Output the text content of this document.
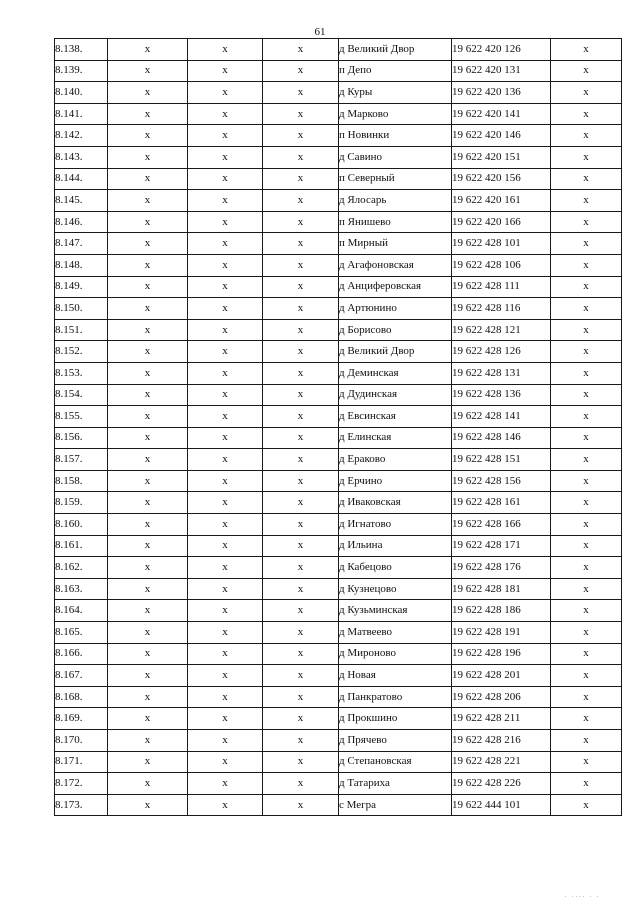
61
8.138.	x	x	x	д Великий Двор	19 622 420 126	x
8.139.	x	x	x	п Депо	19 622 420 131	x
8.140.	x	x	x	д Куры	19 622 420 136	x
8.141.	x	x	x	д Марково	19 622 420 141	x
8.142.	x	x	x	п Новинки	19 622 420 146	x
8.143.	x	x	x	д Савино	19 622 420 151	x
8.144.	x	x	x	п Северный	19 622 420 156	x
8.145.	x	x	x	д Ялосарь	19 622 420 161	x
8.146.	x	x	x	п Янишево	19 622 420 166	x
8.147.	x	x	x	п Мирный	19 622 428 101	x
8.148.	x	x	x	д Агафоновская	19 622 428 106	x
8.149.	x	x	x	д Анциферовская	19 622 428 111	x
8.150.	x	x	x	д Артюнино	19 622 428 116	x
8.151.	x	x	x	д Борисово	19 622 428 121	x
8.152.	x	x	x	д Великий Двор	19 622 428 126	x
8.153.	x	x	x	д Деминская	19 622 428 131	x
8.154.	x	x	x	д Дудинская	19 622 428 136	x
8.155.	x	x	x	д Евсинская	19 622 428 141	x
8.156.	x	x	x	д Елинская	19 622 428 146	x
8.157.	x	x	x	д Ераково	19 622 428 151	x
8.158.	x	x	x	д Ерчино	19 622 428 156	x
8.159.	x	x	x	д Иваковская	19 622 428 161	x
8.160.	x	x	x	д Игнатово	19 622 428 166	x
8.161.	x	x	x	д Ильина	19 622 428 171	x
8.162.	x	x	x	д Кабецово	19 622 428 176	x
8.163.	x	x	x	д Кузнецово	19 622 428 181	x
8.164.	x	x	x	д Кузьминская	19 622 428 186	x
8.165.	x	x	x	д Матвеево	19 622 428 191	x
8.166.	x	x	x	д Мироново	19 622 428 196	x
8.167.	x	x	x	д Новая	19 622 428 201	x
8.168.	x	x	x	д Панкратово	19 622 428 206	x
8.169.	x	x	x	д Прокшино	19 622 428 211	x
8.170.	x	x	x	д Прячево	19 622 428 216	x
8.171.	x	x	x	д Степановская	19 622 428 221	x
8.172.	x	x	x	д Татариха	19 622 428 226	x
8.173.	x	x	x	с Мегра	19 622 444 101	x
. .... . .
